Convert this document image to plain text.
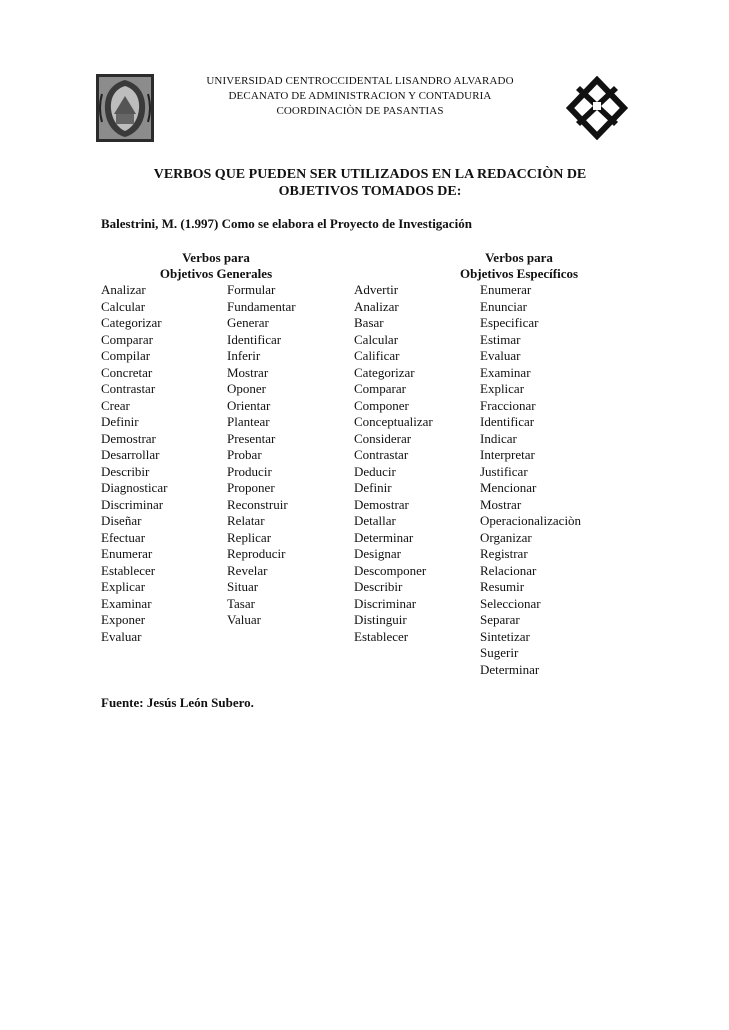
UNIVERSIDAD CENTROCCIDENTAL LISANDRO ALVARADO
DECANATO DE ADMINISTRACION Y CONTADURIA
COORDINACIÒN DE PASANTIAS
VERBOS QUE PUEDEN SER UTILIZADOS EN LA REDACCIÒN DE
OBJETIVOS TOMADOS DE:
Balestrini, M. (1.997) Como se elabora el Proyecto de Investigación
Verbos para
Objetivos Generales
Verbos para
Objetivos Específicos
Analizar
Calcular
Categorizar
Comparar
Compilar
Concretar
Contrastar
Crear
Definir
Demostrar
Desarrollar
Describir
Diagnosticar
Discriminar
Diseñar
Efectuar
Enumerar
Establecer
Explicar
Examinar
Exponer
Evaluar
Formular
Fundamentar
Generar
Identificar
Inferir
Mostrar
Oponer
Orientar
Plantear
Presentar
Probar
Producir
Proponer
Reconstruir
Relatar
Replicar
Reproducir
Revelar
Situar
Tasar
Valuar
Advertir
Analizar
Basar
Calcular
Calificar
Categorizar
Comparar
Componer
Conceptualizar
Considerar
Contrastar
Deducir
Definir
Demostrar
Detallar
Determinar
Designar
Descomponer
Describir
Discriminar
Distinguir
Establecer
Enumerar
Enunciar
Especificar
Estimar
Evaluar
Examinar
Explicar
Fraccionar
Identificar
Indicar
Interpretar
Justificar
Mencionar
Mostrar
Operacionalizaciòn
Organizar
Registrar
Relacionar
Resumir
Seleccionar
Separar
Sintetizar
Sugerir
Determinar
Fuente: Jesús León Subero.
